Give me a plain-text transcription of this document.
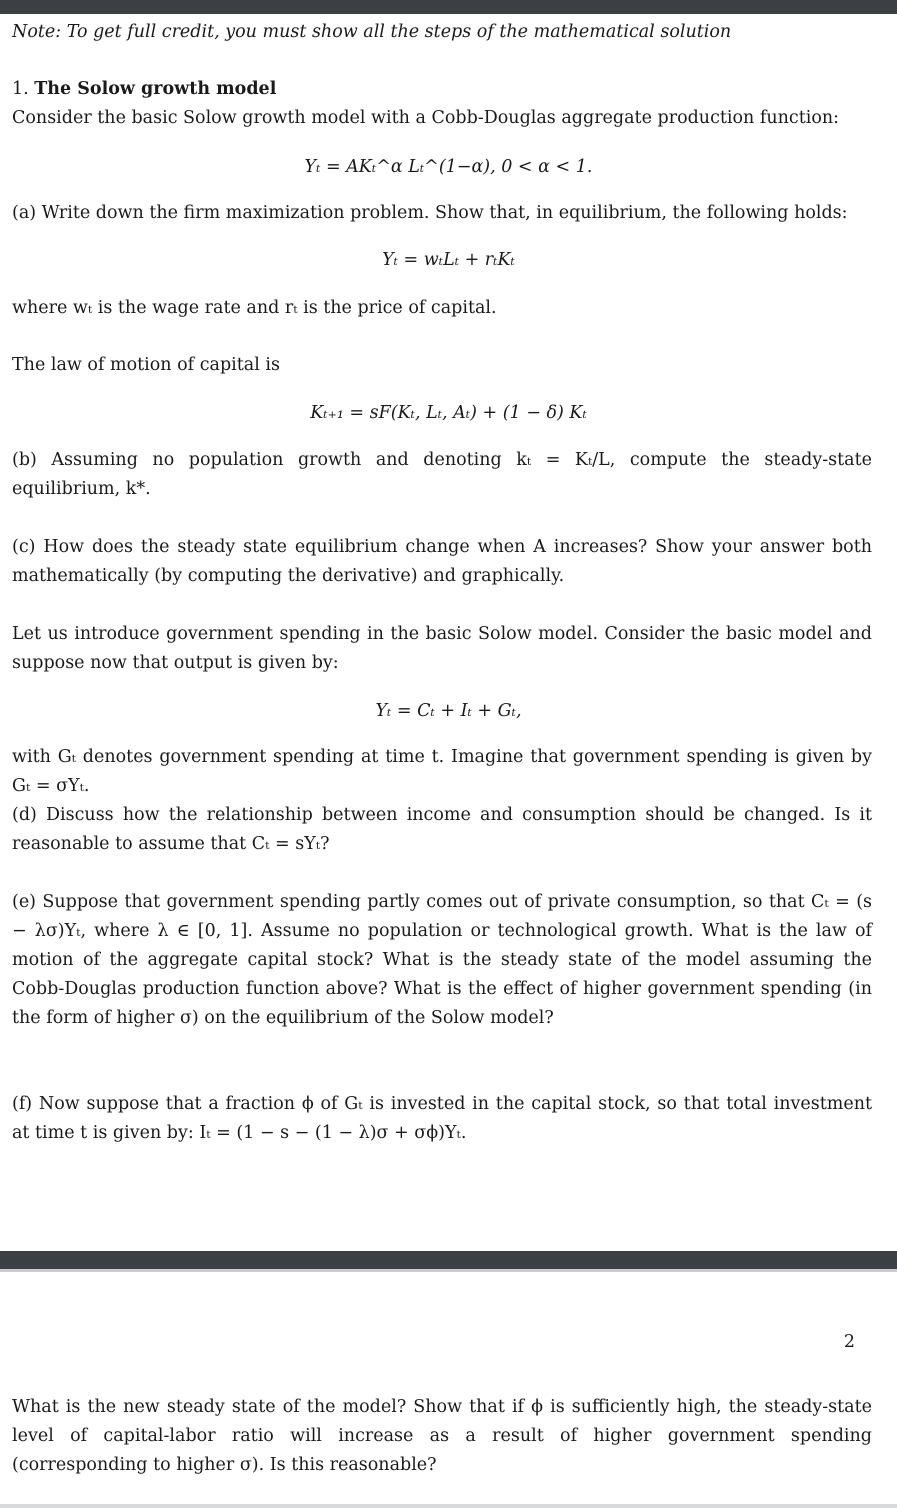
Note: To get full credit, you must show all the steps of the mathematical solution

1. The Solow growth model

Consider the basic Solow growth model with a Cobb-Douglas aggregate production function:

Yₜ = AKₜ^α Lₜ^(1−α), 0 < α < 1.

(a) Write down the firm maximization problem. Show that, in equilibrium, the following holds:

Yₜ = wₜLₜ + rₜKₜ

where wₜ is the wage rate and rₜ is the price of capital.

The law of motion of capital is

Kₜ₊₁ = sF(Kₜ, Lₜ, Aₜ) + (1 − δ) Kₜ

(b) Assuming no population growth and denoting kₜ = Kₜ/L, compute the steady-state equilibrium, k*.

(c) How does the steady state equilibrium change when A increases? Show your answer both mathematically (by computing the derivative) and graphically.

Let us introduce government spending in the basic Solow model. Consider the basic model and suppose now that output is given by:

Yₜ = Cₜ + Iₜ + Gₜ,

with Gₜ denotes government spending at time t. Imagine that government spending is given by Gₜ = σYₜ.

(d) Discuss how the relationship between income and consumption should be changed. Is it reasonable to assume that Cₜ = sYₜ?

(e) Suppose that government spending partly comes out of private consumption, so that Cₜ = (s − λσ)Yₜ, where λ ∈ [0, 1]. Assume no population or technological growth. What is the law of motion of the aggregate capital stock? What is the steady state of the model assuming the Cobb-Douglas production function above? What is the effect of higher government spending (in the form of higher σ) on the equilibrium of the Solow model?

(f) Now suppose that a fraction ϕ of Gₜ is invested in the capital stock, so that total investment at time t is given by: Iₜ = (1 − s − (1 − λ)σ + σϕ)Yₜ.

2

What is the new steady state of the model? Show that if ϕ is sufficiently high, the steady-state level of capital-labor ratio will increase as a result of higher government spending (corresponding to higher σ). Is this reasonable?
